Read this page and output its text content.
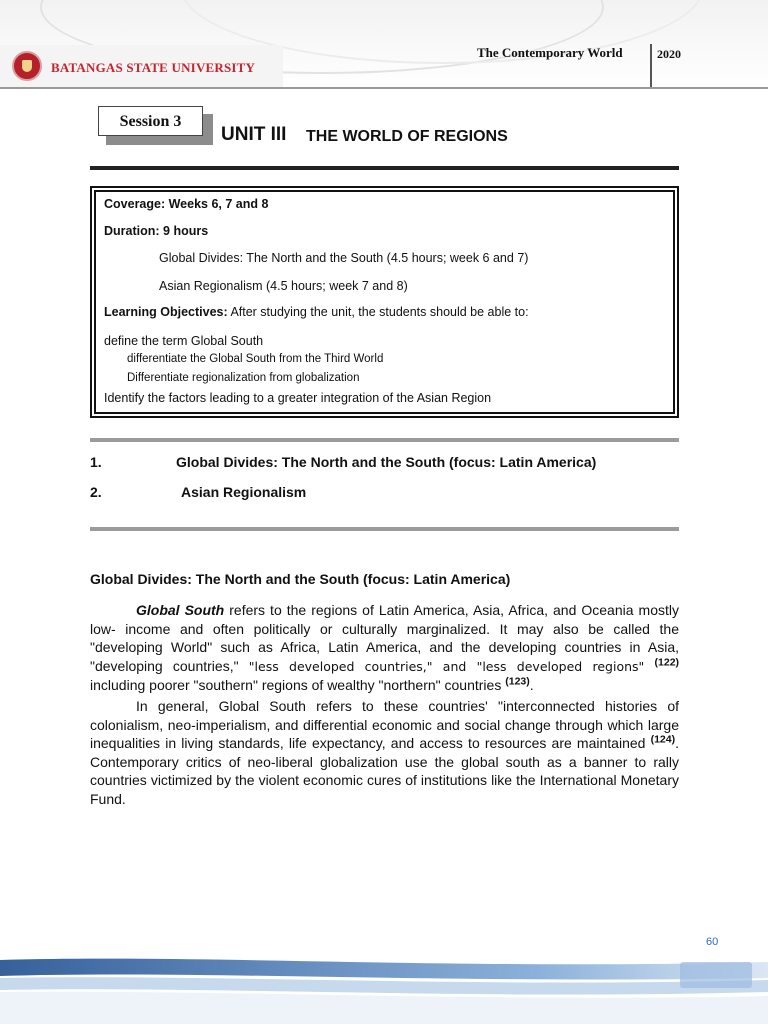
BATANGAS STATE UNIVERSITY
The Contemporary World	2020
Session 3
UNIT III THE WORLD OF REGIONS
Coverage: Weeks 6, 7 and 8
Duration: 9 hours
Global Divides: The North and the South (4.5 hours; week 6 and 7)
Asian Regionalism (4.5 hours; week 7 and 8)
Learning Objectives: After studying the unit, the students should be able to:
define the term Global South
differentiate the Global South from the Third World
Differentiate regionalization from globalization
Identify the factors leading to a greater integration of the Asian Region
1.	Global Divides: The North and the South (focus: Latin America)
2.	Asian Regionalism
Global Divides: The North and the South (focus: Latin America)
Global South refers to the regions of Latin America, Asia, Africa, and Oceania mostly low- income and often politically or culturally marginalized. It may also be called the "developing World" such as Africa, Latin America, and the developing countries in Asia, "developing countries," "less developed countries," and "less developed regions" $^{(122)}$ including poorer "southern" regions of wealthy "northern" countries $^{(123)}$.
In general, Global South refers to these countries' "interconnected histories of colonialism, neo-imperialism, and differential economic and social change through which large inequalities in living standards, life expectancy, and access to resources are maintained $^{(124)}$. Contemporary critics of neo-liberal globalization use the global south as a banner to rally countries victimized by the violent economic cures of institutions like the International Monetary Fund.
60
